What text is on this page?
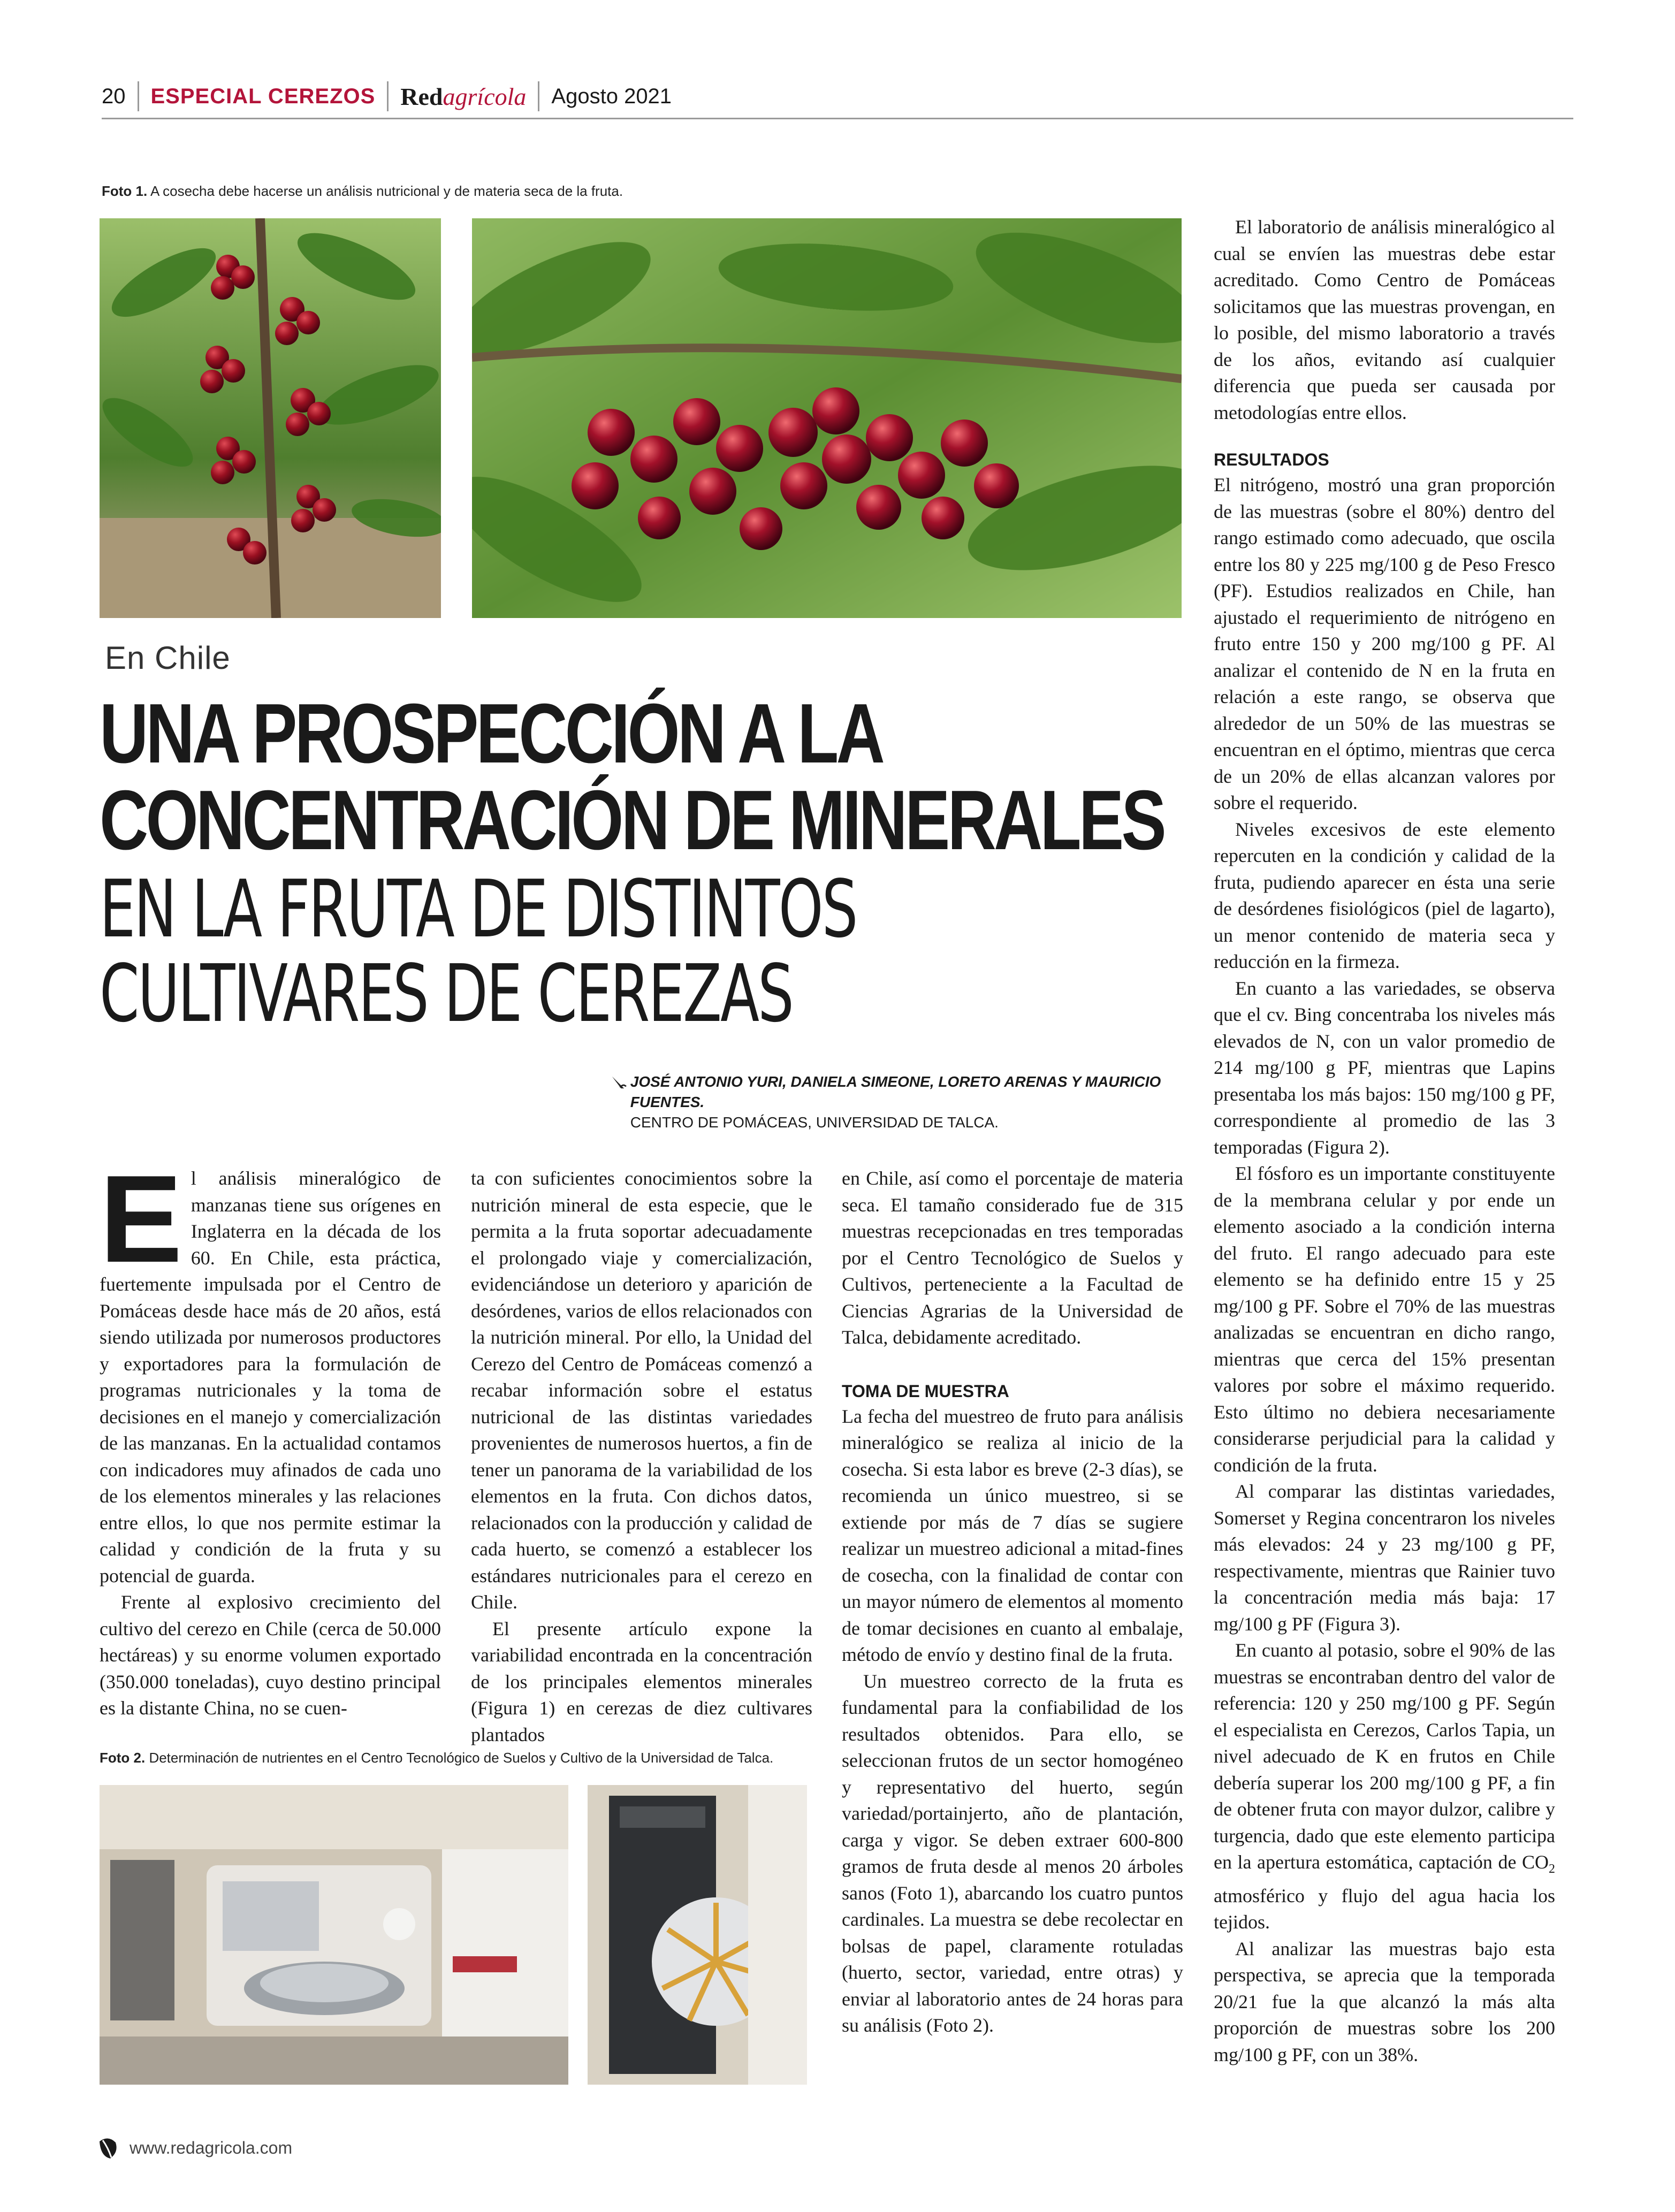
20 ESPECIAL CEREZOS Redagrícola Agosto 2021
Foto 1. A cosecha debe hacerse un análisis nutricional y de materia seca de la fruta.
En Chile
UNA PROSPECCIÓN A LA
CONCENTRACIÓN DE MINERALES
EN LA FRUTA DE DISTINTOS
CULTIVARES DE CEREZAS
JOSÉ ANTONIO YURI, DANIELA SIMEONE, LORETO ARENAS Y MAURICIO FUENTES.
CENTRO DE POMÁCEAS, UNIVERSIDAD DE TALCA.

El análisis mineralógico de manzanas tiene sus orígenes en Inglaterra en la década de los 60. En Chile, esta práctica, fuertemente impulsada por el Centro de Pomáceas desde hace más de 20 años, está siendo utilizada por numerosos productores y exportadores para la formulación de programas nutricionales y la toma de decisiones en el manejo y comercialización de las manzanas. En la actualidad contamos con indicadores muy afinados de cada uno de los elementos minerales y las relaciones entre ellos, lo que nos permite estimar la calidad y condición de la fruta y su potencial de guarda.

Frente al explosivo crecimiento del cultivo del cerezo en Chile (cerca de 50.000 hectáreas) y su enorme volumen exportado (350.000 toneladas), cuyo destino principal es la distante China, no se cuen-

ta con suficientes conocimientos sobre la nutrición mineral de esta especie, que le permita a la fruta soportar adecuadamente el prolongado viaje y comercialización, evidenciándose un deterioro y aparición de desórdenes, varios de ellos relacionados con la nutrición mineral. Por ello, la Unidad del Cerezo del Centro de Pomáceas comenzó a recabar información sobre el estatus nutricional de las distintas variedades provenientes de numerosos huertos, a fin de tener un panorama de la variabilidad de los elementos en la fruta. Con dichos datos, relacionados con la producción y calidad de cada huerto, se comenzó a establecer los estándares nutricionales para el cerezo en Chile.

El presente artículo expone la variabilidad encontrada en la concentración de los principales elementos minerales (Figura 1) en cerezas de diez cultivares plantados

Foto 2. Determinación de nutrientes en el Centro Tecnológico de Suelos y Cultivo de la Universidad de Talca.

en Chile, así como el porcentaje de materia seca. El tamaño considerado fue de 315 muestras recepcionadas en tres temporadas por el Centro Tecnológico de Suelos y Cultivos, perteneciente a la Facultad de Ciencias Agrarias de la Universidad de Talca, debidamente acreditado.

TOMA DE MUESTRA

La fecha del muestreo de fruto para análisis mineralógico se realiza al inicio de la cosecha. Si esta labor es breve (2-3 días), se recomienda un único muestreo, si se extiende por más de 7 días se sugiere realizar un muestreo adicional a mitad-fines de cosecha, con la finalidad de contar con un mayor número de elementos al momento de tomar decisiones en cuanto al embalaje, método de envío y destino final de la fruta.

Un muestreo correcto de la fruta es fundamental para la confiabilidad de los resultados obtenidos. Para ello, se seleccionan frutos de un sector homogéneo y representativo del huerto, según variedad/portainjerto, año de plantación, carga y vigor. Se deben extraer 600-800 gramos de fruta desde al menos 20 árboles sanos (Foto 1), abarcando los cuatro puntos cardinales. La muestra se debe recolectar en bolsas de papel, claramente rotuladas (huerto, sector, variedad, entre otras) y enviar al laboratorio antes de 24 horas para su análisis (Foto 2).

El laboratorio de análisis mineralógico al cual se envíen las muestras debe estar acreditado. Como Centro de Pomáceas solicitamos que las muestras provengan, en lo posible, del mismo laboratorio a través de los años, evitando así cualquier diferencia que pueda ser causada por metodologías entre ellos.

RESULTADOS

El nitrógeno, mostró una gran proporción de las muestras (sobre el 80%) dentro del rango estimado como adecuado, que oscila entre los 80 y 225 mg/100 g de Peso Fresco (PF). Estudios realizados en Chile, han ajustado el requerimiento de nitrógeno en fruto entre 150 y 200 mg/100 g PF. Al analizar el contenido de N en la fruta en relación a este rango, se observa que alrededor de un 50% de las muestras se encuentran en el óptimo, mientras que cerca de un 20% de ellas alcanzan valores por sobre el requerido.

Niveles excesivos de este elemento repercuten en la condición y calidad de la fruta, pudiendo aparecer en ésta una serie de desórdenes fisiológicos (piel de lagarto), un menor contenido de materia seca y reducción en la firmeza.

En cuanto a las variedades, se observa que el cv. Bing concentraba los niveles más elevados de N, con un valor promedio de 214 mg/100 g PF, mientras que Lapins presentaba los más bajos: 150 mg/100 g PF, correspondiente al promedio de las 3 temporadas (Figura 2).

El fósforo es un importante constituyente de la membrana celular y por ende un elemento asociado a la condición interna del fruto. El rango adecuado para este elemento se ha definido entre 15 y 25 mg/100 g PF. Sobre el 70% de las muestras analizadas se encuentran en dicho rango, mientras que cerca del 15% presentan valores por sobre el máximo requerido. Esto último no debiera necesariamente considerarse perjudicial para la calidad y condición de la fruta.

Al comparar las distintas variedades, Somerset y Regina concentraron los niveles más elevados: 24 y 23 mg/100 g PF, respectivamente, mientras que Rainier tuvo la concentración media más baja: 17 mg/100 g PF (Figura 3).

En cuanto al potasio, sobre el 90% de las muestras se encontraban dentro del valor de referencia: 120 y 250 mg/100 g PF. Según el especialista en Cerezos, Carlos Tapia, un nivel adecuado de K en frutos en Chile debería superar los 200 mg/100 g PF, a fin de obtener fruta con mayor dulzor, calibre y turgencia, dado que este elemento participa en la apertura estomática, captación de $CO_2$ atmosférico y flujo del agua hacia los tejidos.

Al analizar las muestras bajo esta perspectiva, se aprecia que la temporada 20/21 fue la que alcanzó la más alta proporción de muestras sobre los 200 mg/100 g PF, con un 38%.

www.redagricola.com
